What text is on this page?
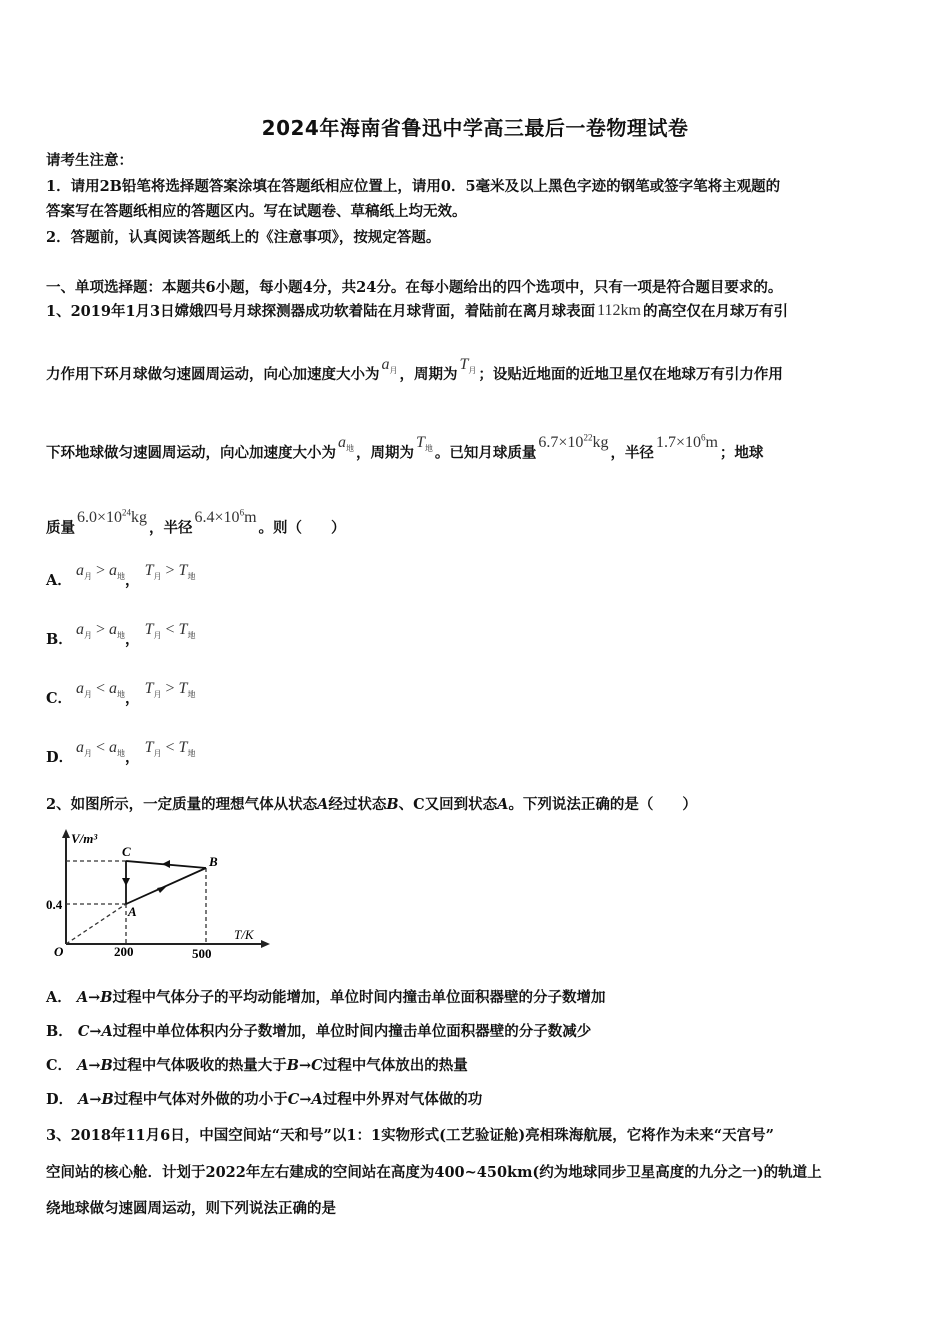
2024年海南省鲁迅中学高三最后一卷物理试卷
请考生注意：
1．请用2B铅笔将选择题答案涂填在答题纸相应位置上，请用0．5毫米及以上黑色字迹的钢笔或签字笔将主观题的
答案写在答题纸相应的答题区内。写在试题卷、草稿纸上均无效。
2．答题前，认真阅读答题纸上的《注意事项》，按规定答题。
一、单项选择题：本题共6小题，每小题4分，共24分。在每小题给出的四个选项中，只有一项是符合题目要求的。
1、2019年1月3日嫦娥四号月球探测器成功软着陆在月球背面，着陆前在离月球表面 112km 的高空仅在月球万有引
力作用下环月球做匀速圆周运动，向心加速度大小为$a_月$ ，周期为$T_月$ ；设贴近地面的近地卫星仅在地球万有引力作用
下环地球做匀速圆周运动，向心加速度大小为$a_地$ ，周期为$T_地$ 。已知月球质量$6.7\times 10^{22}kg$，半径$1.7\times 10^6m$；地球
质量$6.0\times 10^{24}kg$，半径$6.4\times 10^6m$。则（　　）
A．$a_月 > a_地$， $T_月 > T_地$
B．$a_月 > a_地$， $T_月 < T_地$
C．$a_月 < a_地$， $T_月 > T_地$
D．$a_月 < a_地$， $T_月 < T_地$
2、如图所示，一定质量的理想气体从状态A经过状态B、C又回到状态A。下列说法正确的是（　　）
V/m³
T/K
O
0.4
200	500
A
B
C
A． A→B过程中气体分子的平均动能增加，单位时间内撞击单位面积器壁的分子数增加
B． C→A过程中单位体积内分子数增加，单位时间内撞击单位面积器壁的分子数减少
C． A→B过程中气体吸收的热量大于B→C过程中气体放出的热量
D． A→B过程中气体对外做的功小于C→A过程中外界对气体做的功
3、2018年11月6日，中国空间站“天和号”以1：1实物形式(工艺验证舱)亮相珠海航展，它将作为未来“天宫号”
空间站的核心舱．计划于2022年左右建成的空间站在高度为400~450km(约为地球同步卫星高度的九分之一)的轨道上
绕地球做匀速圆周运动，则下列说法正确的是
